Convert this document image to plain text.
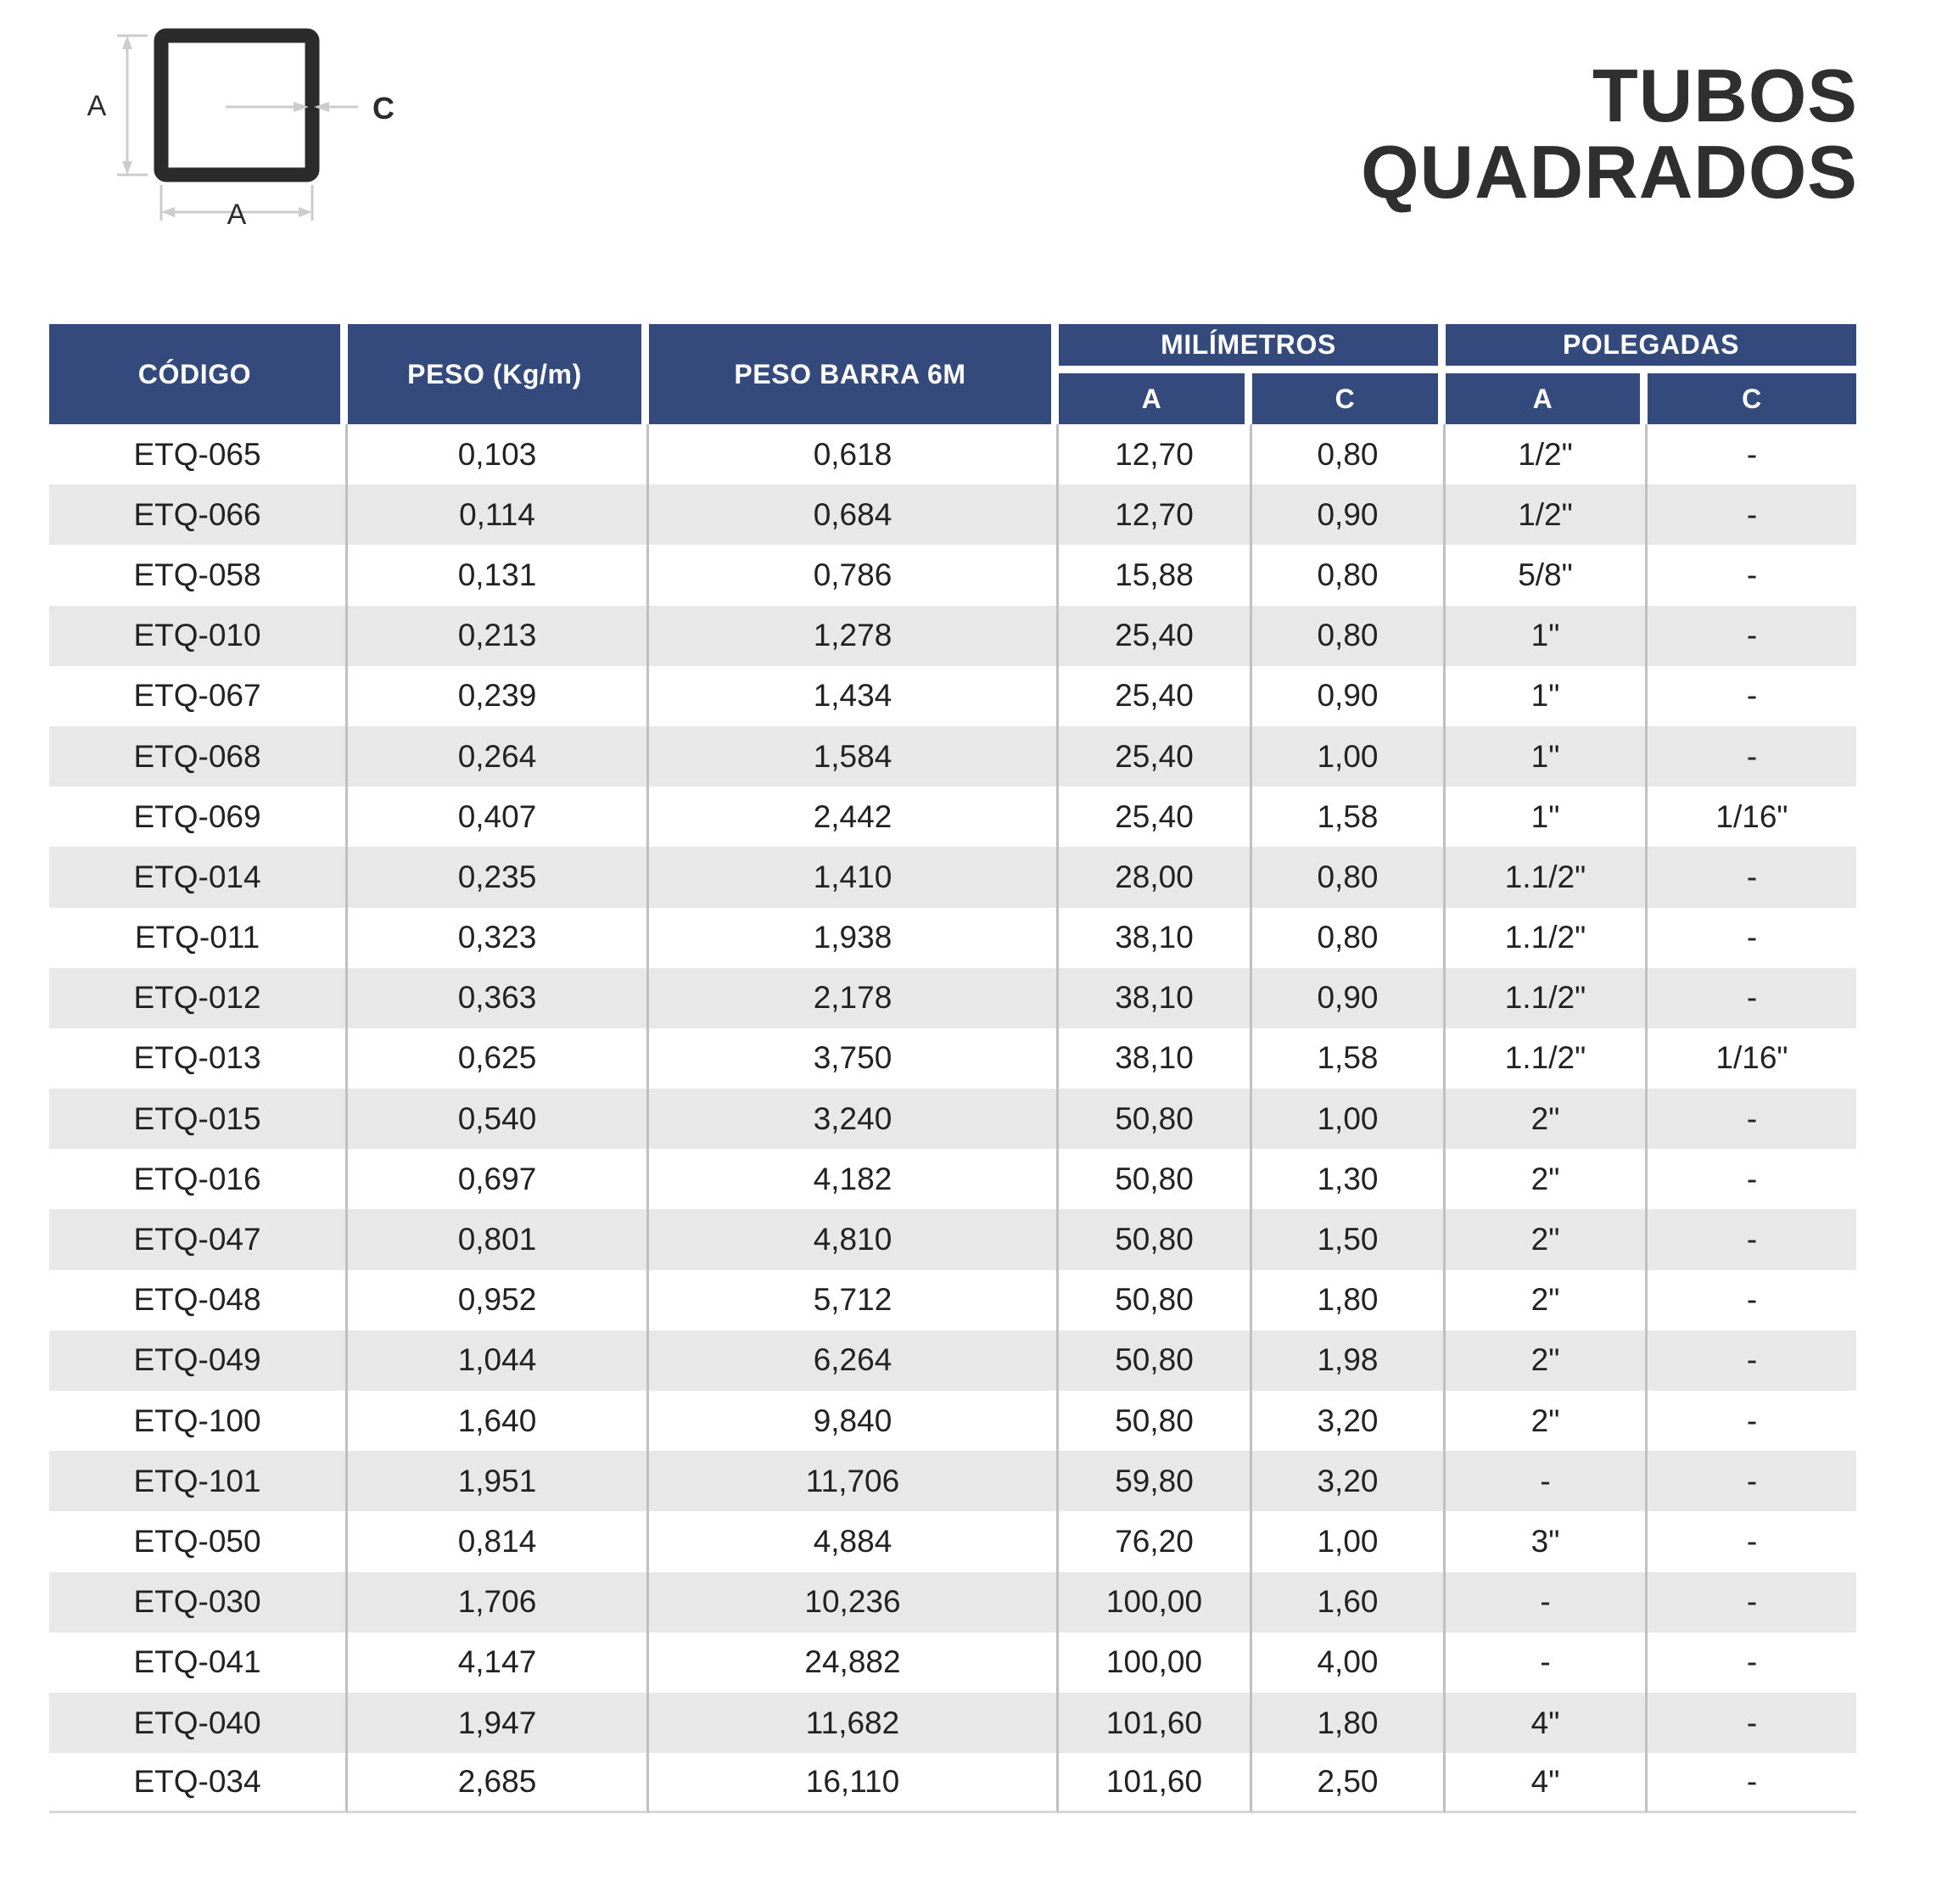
A
A
C	TUBOS
QUADRADOS
CÓDIGO	PESO (Kg/m)	PESO BARRA 6M	MILÍMETROS		POLEGADAS	
			A	C	A	C
ETQ-065	0,103	0,618	12,70	0,80	1/2"	-
ETQ-066	0,114	0,684	12,70	0,90	1/2"	-
ETQ-058	0,131	0,786	15,88	0,80	5/8"	-
ETQ-010	0,213	1,278	25,40	0,80	1"	-
ETQ-067	0,239	1,434	25,40	0,90	1"	-
ETQ-068	0,264	1,584	25,40	1,00	1"	-
ETQ-069	0,407	2,442	25,40	1,58	1"	1/16"
ETQ-014	0,235	1,410	28,00	0,80	1.1/2"	-
ETQ-011	0,323	1,938	38,10	0,80	1.1/2"	-
ETQ-012	0,363	2,178	38,10	0,90	1.1/2"	-
ETQ-013	0,625	3,750	38,10	1,58	1.1/2"	1/16"
ETQ-015	0,540	3,240	50,80	1,00	2"	-
ETQ-016	0,697	4,182	50,80	1,30	2"	-
ETQ-047	0,801	4,810	50,80	1,50	2"	-
ETQ-048	0,952	5,712	50,80	1,80	2"	-
ETQ-049	1,044	6,264	50,80	1,98	2"	-
ETQ-100	1,640	9,840	50,80	3,20	2"	-
ETQ-101	1,951	11,706	59,80	3,20	-	-
ETQ-050	0,814	4,884	76,20	1,00	3"	-
ETQ-030	1,706	10,236	100,00	1,60	-	-
ETQ-041	4,147	24,882	100,00	4,00	-	-
ETQ-040	1,947	11,682	101,60	1,80	4"	-
ETQ-034	2,685	16,110	101,60	2,50	4"	-
